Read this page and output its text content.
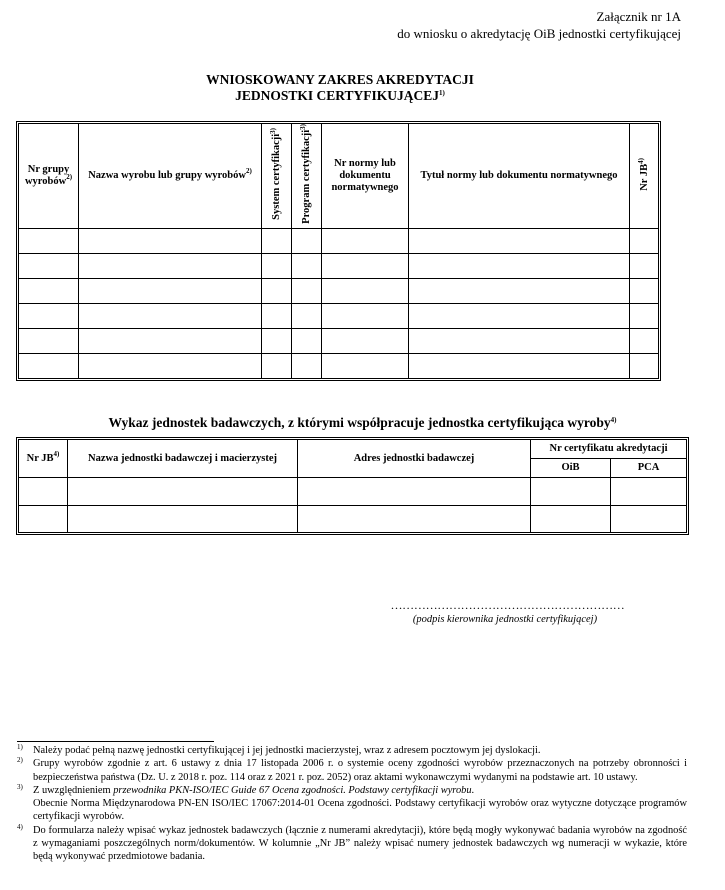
Załącznik nr 1A
do wniosku o akredytację OiB jednostki certyfikującej
WNIOSKOWANY ZAKRES AKREDYTACJI
JEDNOSTKI CERTYFIKUJĄCEJ$^{1)}$
Nr grupy wyrobów$^{2)}$	Nazwa wyrobu lub grupy wyrobów$^{2)}$	System certyfikacji$^{3)}$	Program certyfikacji$^{3)}$	Nr normy lub dokumentu normatywnego	Tytuł normy lub dokumentu normatywnego	Nr JB$^{4)}$

Wykaz jednostek badawczych, z którymi współpracuje jednostka certyfikująca wyroby$^{4)}$
Nr JB$^{4)}$	Nazwa jednostki badawczej i macierzystej	Adres jednostki badawczej	Nr certyfikatu akredytacji	
			OiB	PCA

……………………………………………………
(podpis kierownika jednostki certyfikującej)
1) Należy podać pełną nazwę jednostki certyfikującej i jej jednostki macierzystej, wraz z adresem pocztowym jej dyslokacji.
2) Grupy wyrobów zgodnie z art. 6 ustawy z dnia 17 listopada 2006 r. o systemie oceny zgodności wyrobów przeznaczonych na potrzeby obronności i bezpieczeństwa państwa (Dz. U. z 2018 r. poz. 114 oraz z 2021 r. poz. 2052) oraz aktami wykonawczymi wydanymi na podstawie art. 10 ustawy.
3) Z uwzględnieniem przewodnika PKN-ISO/IEC Guide 67 Ocena zgodności. Podstawy certyfikacji wyrobu.
Obecnie Norma Międzynarodowa PN-EN ISO/IEC 17067:2014-01 Ocena zgodności. Podstawy certyfikacji wyrobów oraz wytyczne dotyczące programów certyfikacji wyrobów.
4) Do formularza należy wpisać wykaz jednostek badawczych (łącznie z numerami akredytacji), które będą mogły wykonywać badania wyrobów na zgodność z wymaganiami poszczególnych norm/dokumentów. W kolumnie „Nr JB” należy wpisać numery jednostek badawczych wg numeracji w wykazie, które będą wykonywać przedmiotowe badania.
